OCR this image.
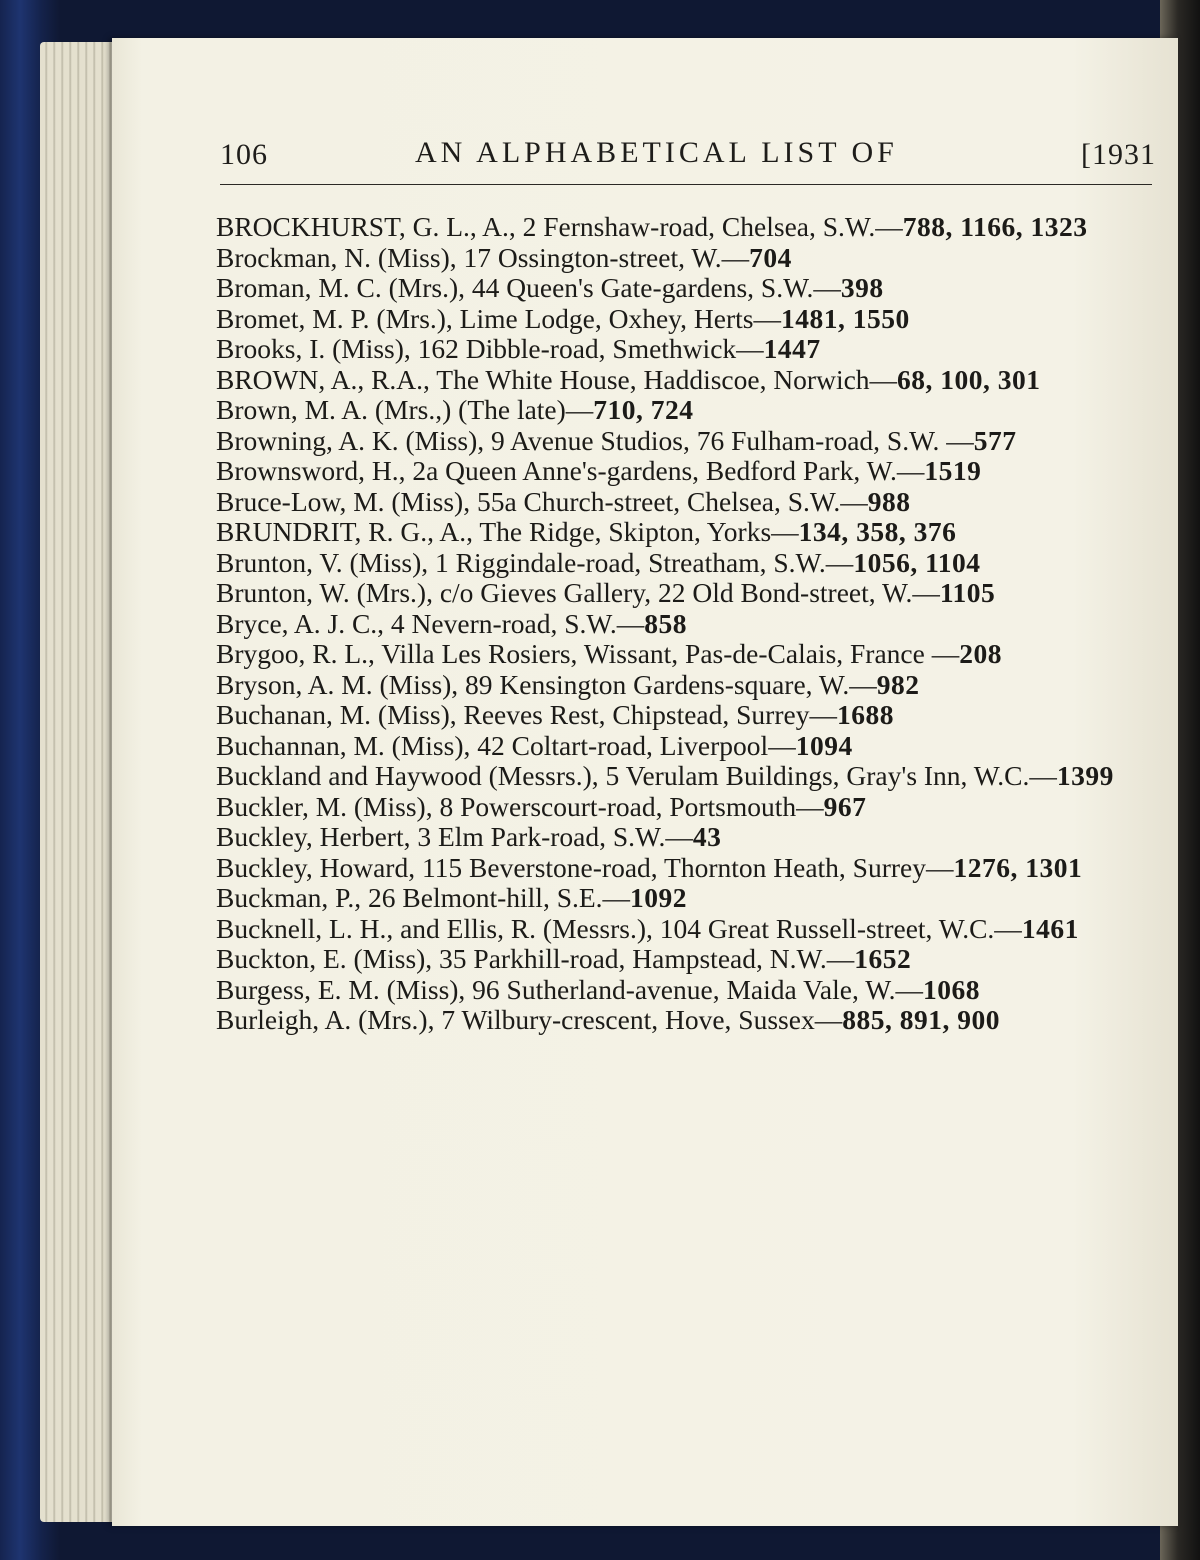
106	AN ALPHABETICAL LIST OF	[1931

BROCKHURST, G. L., A., 2 Fernshaw-road, Chelsea, S.W.—788, 1166, 1323

Brockman, N. (Miss), 17 Ossington-street, W.—704

Broman, M. C. (Mrs.), 44 Queen's Gate-gardens, S.W.—398

Bromet, M. P. (Mrs.), Lime Lodge, Oxhey, Herts—1481, 1550

Brooks, I. (Miss), 162 Dibble-road, Smethwick—1447

BROWN, A., R.A., The White House, Haddiscoe, Norwich—68, 100, 301

Brown, M. A. (Mrs.,) (The late)—710, 724

Browning, A. K. (Miss), 9 Avenue Studios, 76 Fulham-road, S.W. —577

Brownsword, H., 2a Queen Anne's-gardens, Bedford Park, W.—1519

Bruce-Low, M. (Miss), 55a Church-street, Chelsea, S.W.—988

BRUNDRIT, R. G., A., The Ridge, Skipton, Yorks—134, 358, 376

Brunton, V. (Miss), 1 Riggindale-road, Streatham, S.W.—1056, 1104

Brunton, W. (Mrs.), c/o Gieves Gallery, 22 Old Bond-street, W.—1105

Bryce, A. J. C., 4 Nevern-road, S.W.—858

Brygoo, R. L., Villa Les Rosiers, Wissant, Pas-de-Calais, France —208

Bryson, A. M. (Miss), 89 Kensington Gardens-square, W.—982

Buchanan, M. (Miss), Reeves Rest, Chipstead, Surrey—1688

Buchannan, M. (Miss), 42 Coltart-road, Liverpool—1094

Buckland and Haywood (Messrs.), 5 Verulam Buildings, Gray's Inn, W.C.—1399

Buckler, M. (Miss), 8 Powerscourt-road, Portsmouth—967

Buckley, Herbert, 3 Elm Park-road, S.W.—43

Buckley, Howard, 115 Beverstone-road, Thornton Heath, Surrey—1276, 1301

Buckman, P., 26 Belmont-hill, S.E.—1092

Bucknell, L. H., and Ellis, R. (Messrs.), 104 Great Russell-street, W.C.—1461

Buckton, E. (Miss), 35 Parkhill-road, Hampstead, N.W.—1652

Burgess, E. M. (Miss), 96 Sutherland-avenue, Maida Vale, W.—1068

Burleigh, A. (Mrs.), 7 Wilbury-crescent, Hove, Sussex—885, 891, 900
